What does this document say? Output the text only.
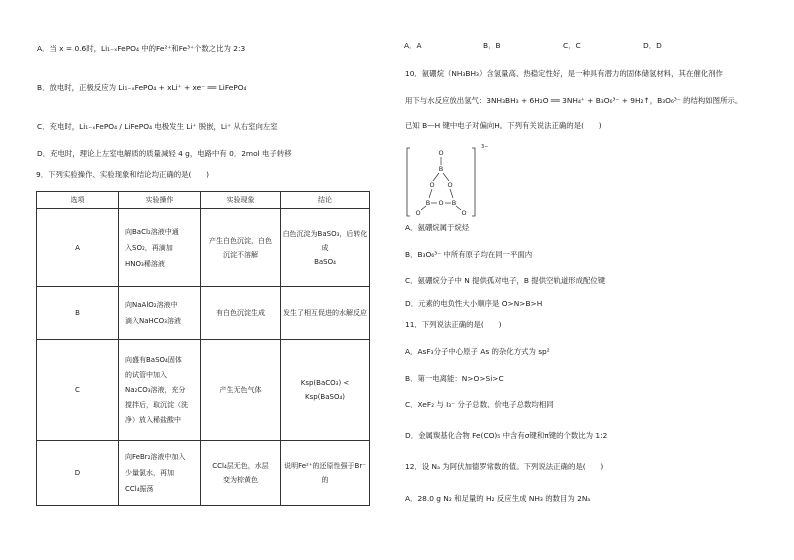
A．当 x = 0.6时，Li₁₋ₓFePO₄ 中的Fe²⁺和Fe³⁺个数之比为 2:3
B．放电时，正极反应为 Li₁₋ₓFePO₄ + xLi⁺ + xe⁻ ══ LiFePO₄
C．充电时，Li₁₋ₓFePO₄ / LiFePO₄ 电极发生 Li⁺ 脱嵌，Li⁺ 从右室向左室
D．充电时，理论上左室电解质的质量减轻 4 g，电路中有 0．2mol 电子转移
9．下列实验操作、实验现象和结论均正确的是(　　)
选项	实验操作	实验现象	结论
A	向BaCl₂溶液中通
入SO₂，再滴加
HNO₃稀溶液	产生白色沉淀，白色
沉淀不溶解	白色沉淀为BaSO₃，后转化成
BaSO₄
B	向NaAlO₂溶液中
滴入NaHCO₃溶液	有白色沉淀生成	发生了相互促进的水解反应
C	向盛有BaSO₄固体
的试管中加入
Na₂CO₃溶液，充分
搅拌后，取沉淀（洗
净）放入稀盐酸中	产生无色气体	Ksp(BaCO₃) < Ksp(BaSO₄)
D	向FeBr₂溶液中加入
少量氯水，再加
CCl₄振荡	CCl₄层无色，水层
变为棕黄色	说明Fe²⁺的还原性强于Br⁻
的
A．A	B．B	C．C	D．D
10．氨硼烷（NH₃BH₃）含氢量高、热稳定性好，是一种具有潜力的固体储氢材料，其在催化剂作
用下与水反应放出氢气：3NH₃BH₃ + 6H₂O ══ 3NH₄⁺ + B₃O₆³⁻ + 9H₂↑，B₃O₆³⁻ 的结构如图所示。
已知 B—H 键中电子对偏向H。下列有关说法正确的是(　　)
O
B
O O
B O B
O	O
3−
A．氨硼烷属于烷烃
B．B₃O₆³⁻ 中所有原子均在同一平面内
C．氨硼烷分子中 N 提供孤对电子，B 提供空轨道形成配位键
D．元素的电负性大小顺序是 O>N>B>H
11．下列说法正确的是(　　)
A．AsF₃分子中心原子 As 的杂化方式为 sp²
B．第一电离能：N>O>Si>C
C．XeF₂ 与 I₃⁻ 分子总数、价电子总数均相同
D．金属羰基化合物 Fe(CO)₅ 中含有σ键和π键的个数比为 1:2
12．设 Nₐ 为阿伏加德罗常数的值。下列说法正确的是(　　)
A．28.0 g N₂ 和足量的 H₂ 反应生成 NH₃ 的数目为 2Nₐ
